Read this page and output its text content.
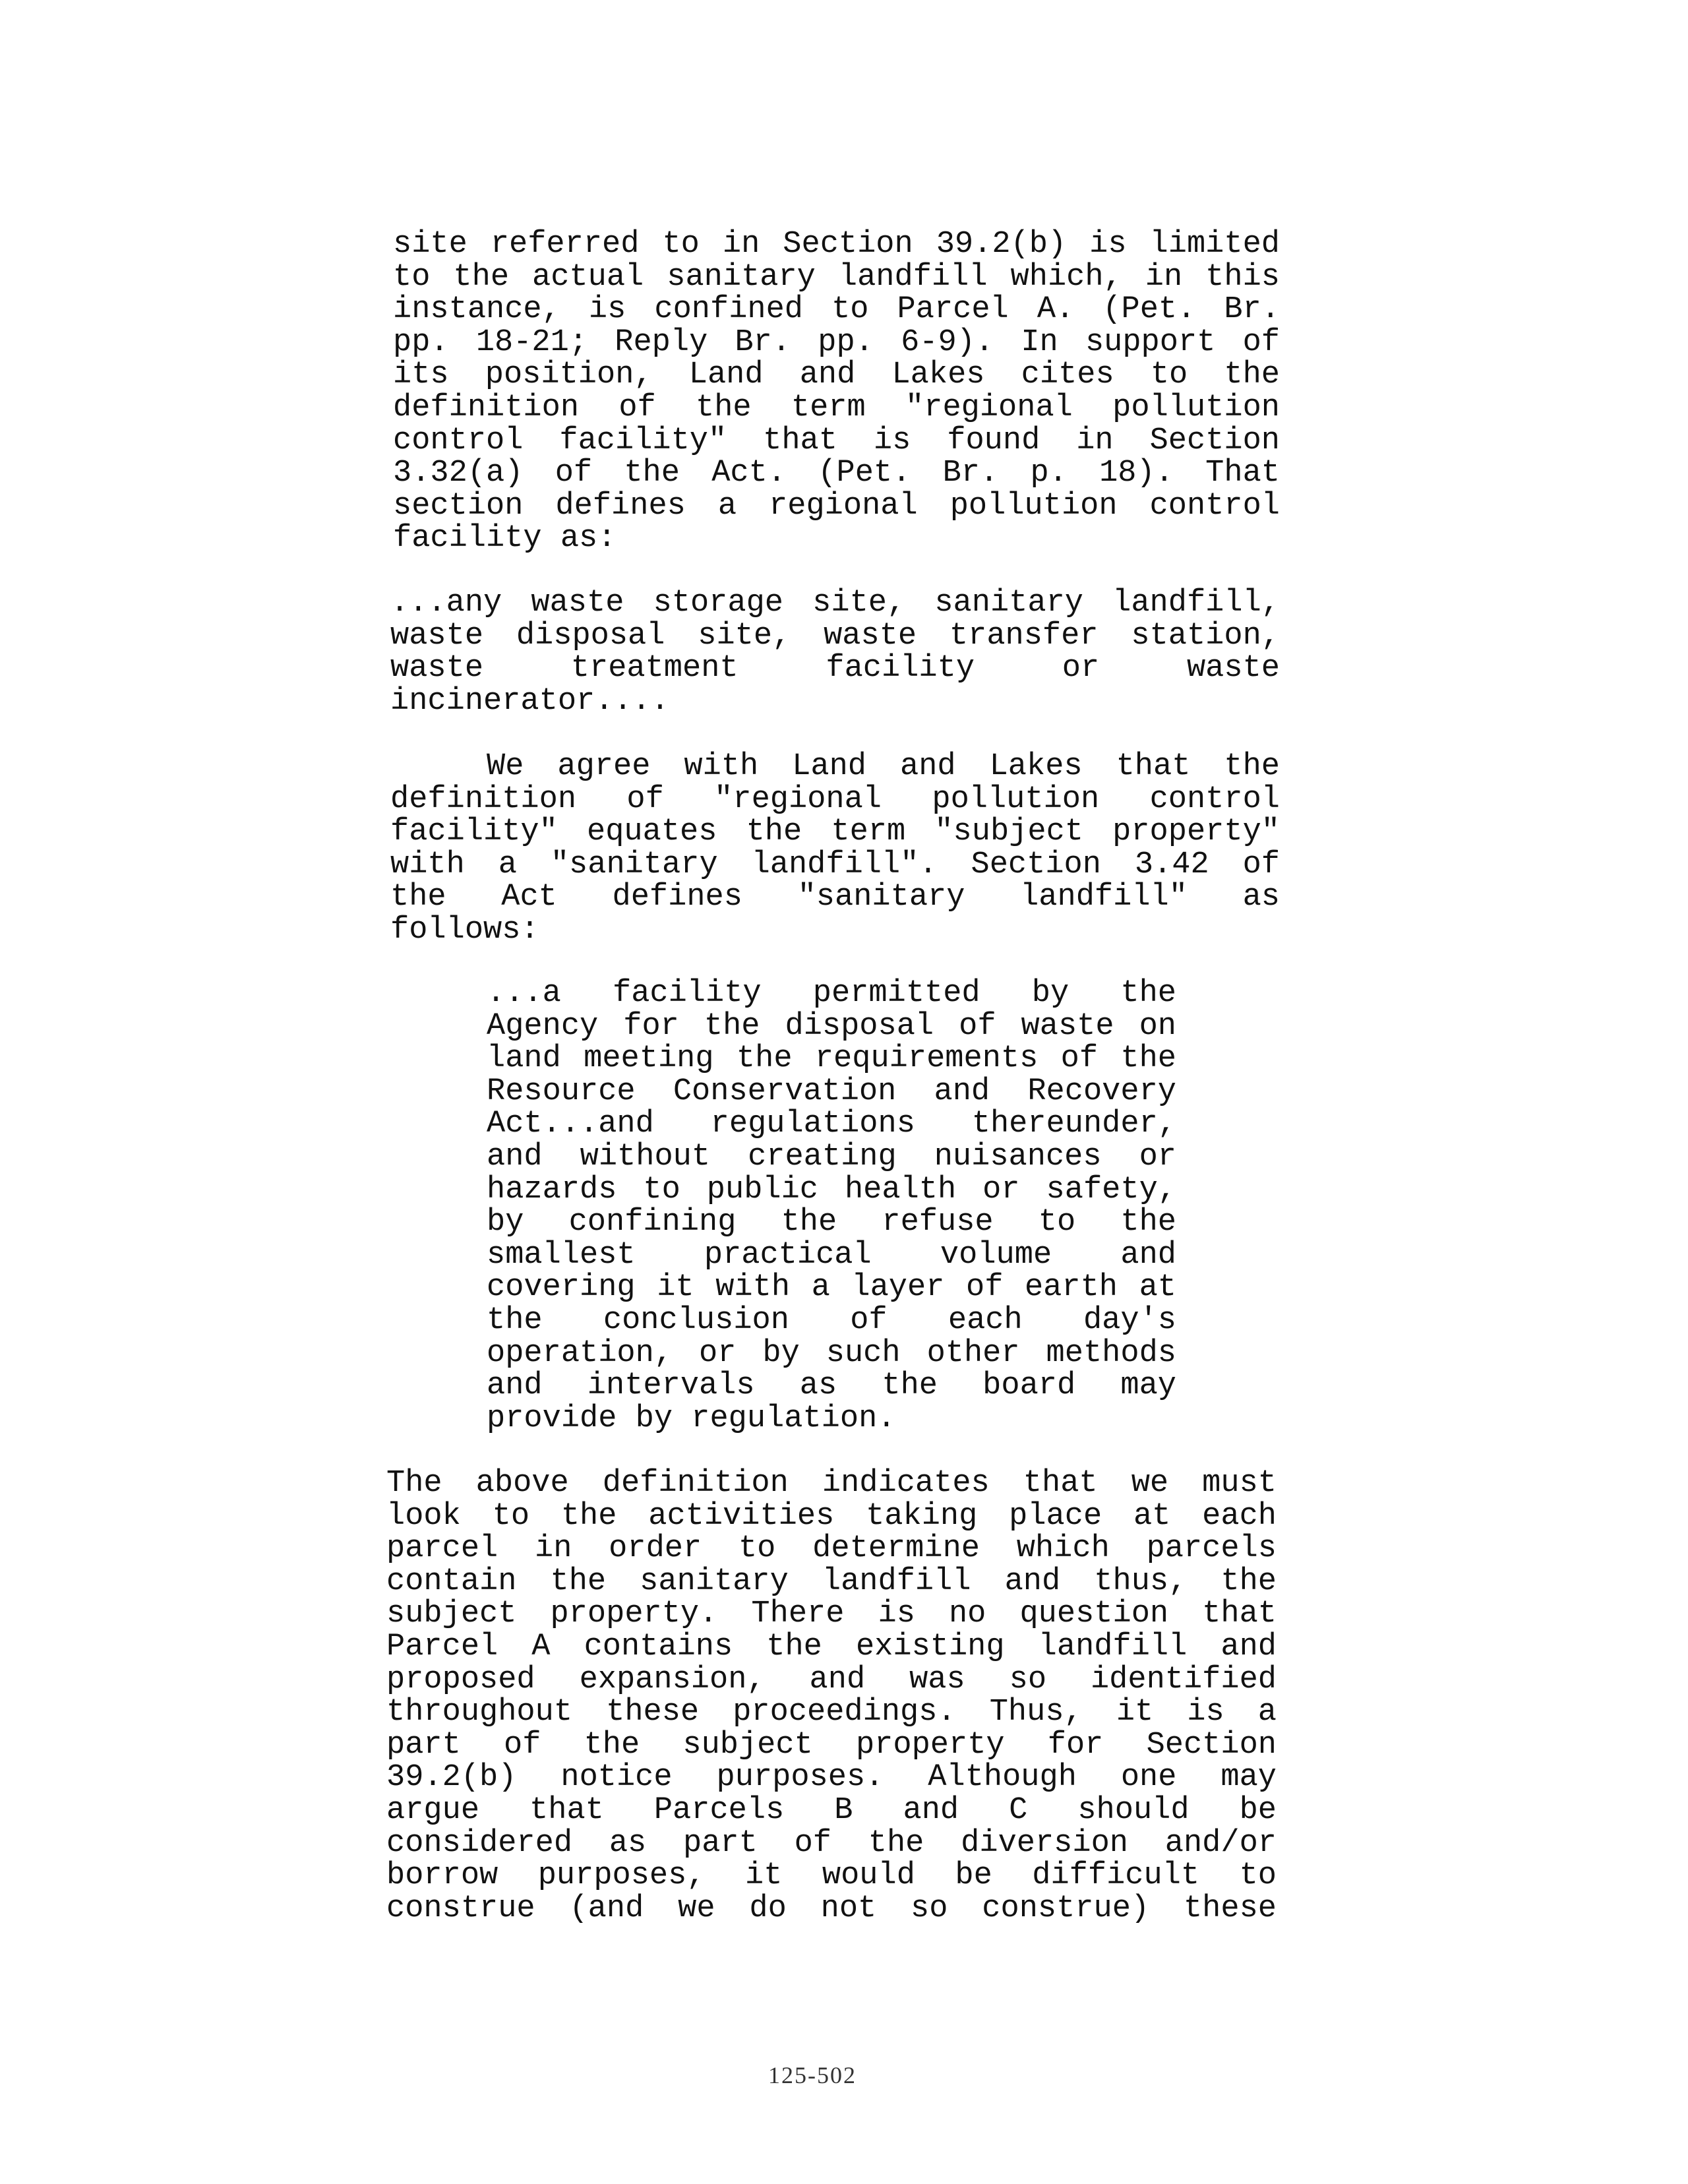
site referred to in Section 39.2(b) is limited
to the actual sanitary landfill which, in this
instance, is confined to Parcel A. (Pet. Br.
pp. 18-21; Reply Br. pp. 6-9). In support of
its position, Land and Lakes cites to the
definition of the term "regional pollution
control facility" that is found in Section
3.32(a) of the Act. (Pet. Br. p. 18). That
section defines a regional pollution control
facility as:
...any waste storage site, sanitary landfill,
waste disposal site, waste transfer station,
waste treatment facility or waste
incinerator....
We agree with Land and Lakes that the
definition of "regional pollution control
facility" equates the term "subject property"
with a "sanitary landfill". Section 3.42 of
the Act defines "sanitary landfill" as
follows:
...a facility permitted by the
Agency for the disposal of waste on
land meeting the requirements of the
Resource Conservation and Recovery
Act...and regulations thereunder,
and without creating nuisances or
hazards to public health or safety,
by confining the refuse to the
smallest practical volume and
covering it with a layer of earth at
the conclusion of each day's
operation, or by such other methods
and intervals as the board may
provide by regulation.
The above definition indicates that we must
look to the activities taking place at each
parcel in order to determine which parcels
contain the sanitary landfill and thus, the
subject property. There is no question that
Parcel A contains the existing landfill and
proposed expansion, and was so identified
throughout these proceedings. Thus, it is a
part of the subject property for Section
39.2(b) notice purposes. Although one may
argue that Parcels B and C should be
considered as part of the diversion and/or
borrow purposes, it would be difficult to
construe (and we do not so construe) these
125-502
